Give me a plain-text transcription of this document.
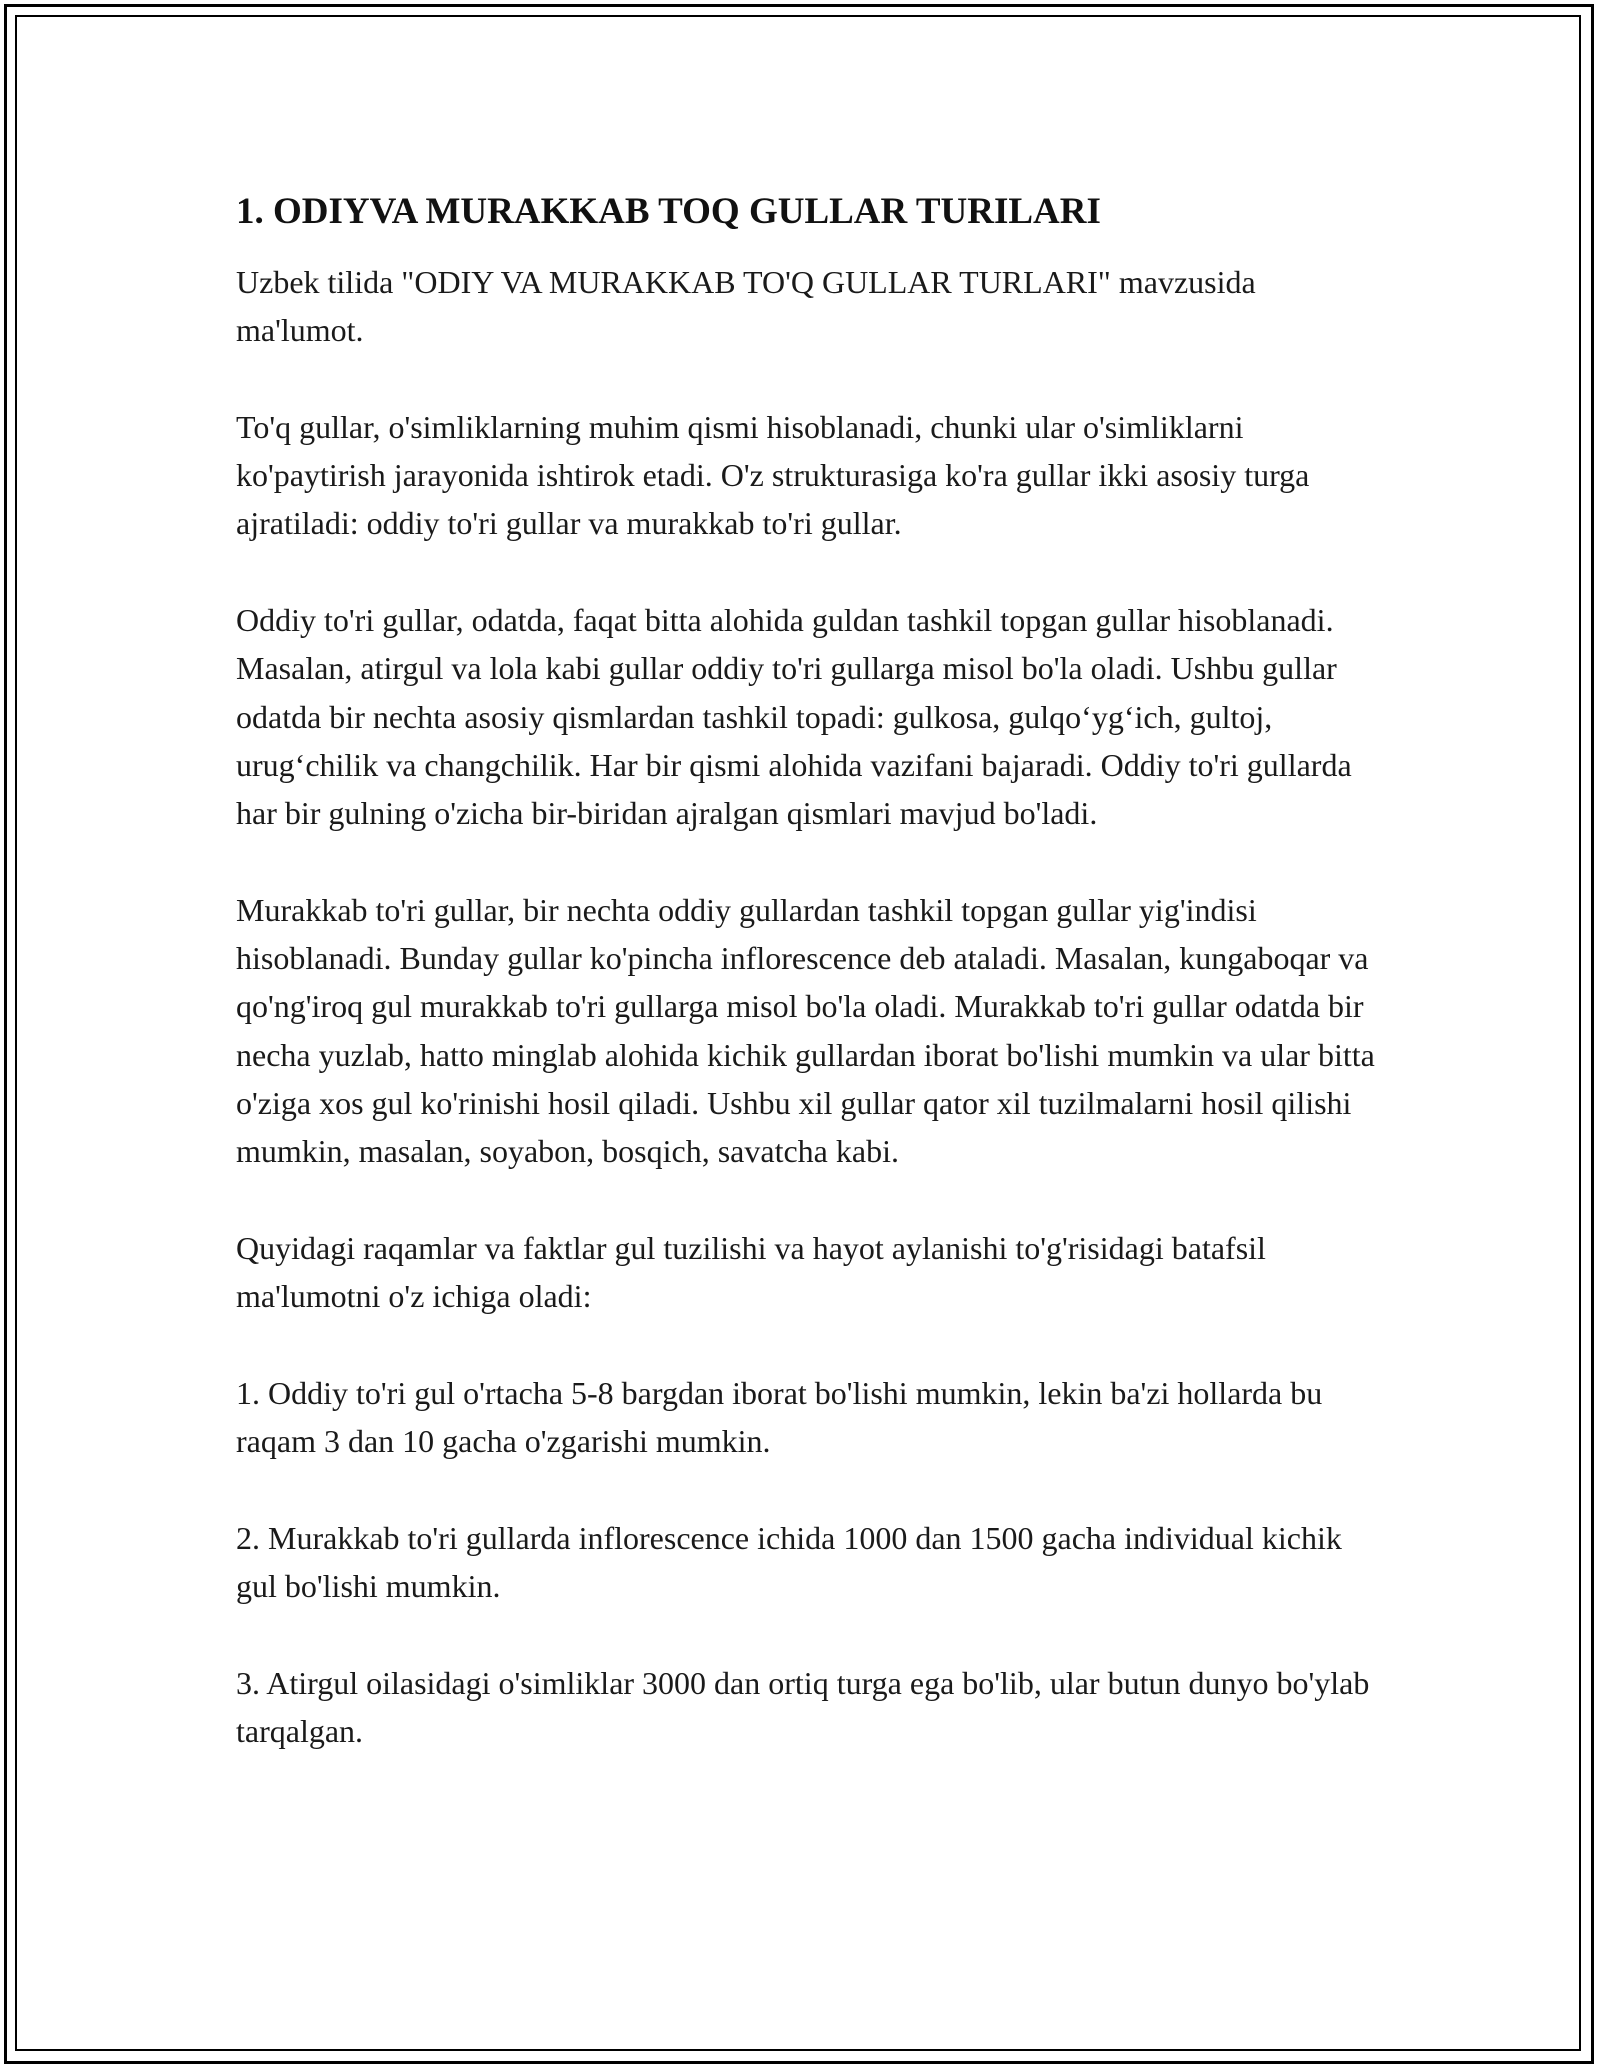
1. ODIYVA MURAKKAB TOQ GULLAR TURILARI

Uzbek tilida "ODIY VA MURAKKAB TO'Q GULLAR TURLARI" mavzusida ma'lumot.

To'q gullar, o'simliklarning muhim qismi hisoblanadi, chunki ular o'simliklarni ko'paytirish jarayonida ishtirok etadi. O'z strukturasiga ko'ra gullar ikki asosiy turga ajratiladi: oddiy to'ri gullar va murakkab to'ri gullar.

Oddiy to'ri gullar, odatda, faqat bitta alohida guldan tashkil topgan gullar hisoblanadi. Masalan, atirgul va lola kabi gullar oddiy to'ri gullarga misol bo'la oladi. Ushbu gullar odatda bir nechta asosiy qismlardan tashkil topadi: gulkosa, gulqo‘yg‘ich, gultoj, urug‘chilik va changchilik. Har bir qismi alohida vazifani bajaradi. Oddiy to'ri gullarda har bir gulning o'zicha bir-biridan ajralgan qismlari mavjud bo'ladi.

Murakkab to'ri gullar, bir nechta oddiy gullardan tashkil topgan gullar yig'indisi hisoblanadi. Bunday gullar ko'pincha inflorescence deb ataladi. Masalan, kungaboqar va qo'ng'iroq gul murakkab to'ri gullarga misol bo'la oladi. Murakkab to'ri gullar odatda bir necha yuzlab, hatto minglab alohida kichik gullardan iborat bo'lishi mumkin va ular bitta o'ziga xos gul ko'rinishi hosil qiladi. Ushbu xil gullar qator xil tuzilmalarni hosil qilishi mumkin, masalan, soyabon, bosqich, savatcha kabi.

Quyidagi raqamlar va faktlar gul tuzilishi va hayot aylanishi to'g'risidagi batafsil ma'lumotni o'z ichiga oladi:

1. Oddiy to'ri gul o'rtacha 5-8 bargdan iborat bo'lishi mumkin, lekin ba'zi hollarda bu raqam 3 dan 10 gacha o'zgarishi mumkin.

2. Murakkab to'ri gullarda inflorescence ichida 1000 dan 1500 gacha individual kichik gul bo'lishi mumkin.

3. Atirgul oilasidagi o'simliklar 3000 dan ortiq turga ega bo'lib, ular butun dunyo bo'ylab tarqalgan.
